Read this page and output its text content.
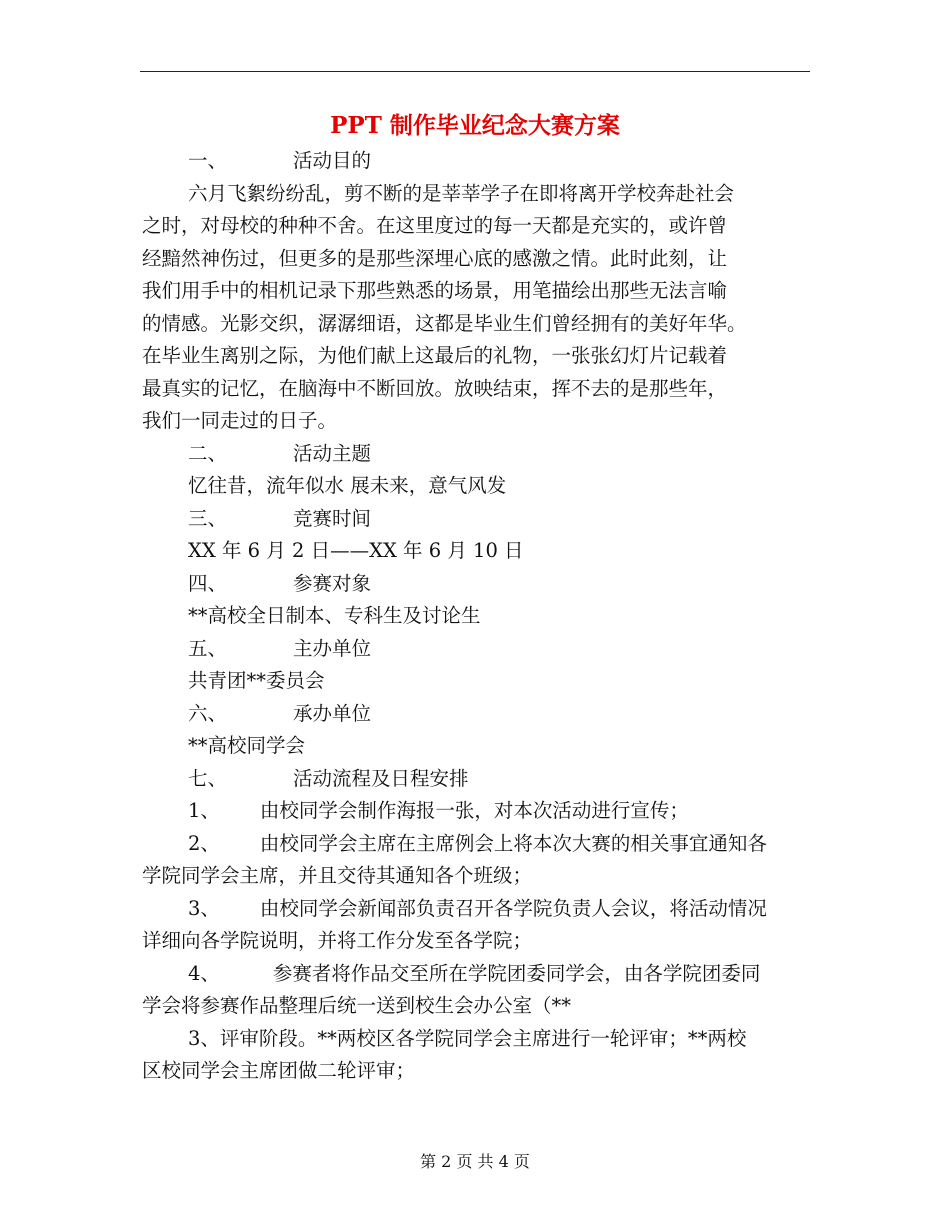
PPT 制作毕业纪念大赛方案
一、	活动目的
六月飞絮纷纷乱，剪不断的是莘莘学子在即将离开学校奔赴社会
之时，对母校的种种不舍。在这里度过的每一天都是充实的，或许曾
经黯然神伤过，但更多的是那些深埋心底的感激之情。此时此刻，让
我们用手中的相机记录下那些熟悉的场景，用笔描绘出那些无法言喻
的情感。光影交织，潺潺细语，这都是毕业生们曾经拥有的美好年华。
在毕业生离别之际，为他们献上这最后的礼物，一张张幻灯片记载着
最真实的记忆，在脑海中不断回放。放映结束，挥不去的是那些年，
我们一同走过的日子。
二、	活动主题
忆往昔，流年似水 展未来，意气风发
三、	竞赛时间
XX 年 6 月 2 日——XX 年 6 月 10 日
四、	参赛对象
**高校全日制本、专科生及讨论生
五、	主办单位
共青团**委员会
六、	承办单位
**高校同学会
七、	活动流程及日程安排
1、 由校同学会制作海报一张，对本次活动进行宣传；
2、 由校同学会主席在主席例会上将本次大赛的相关事宜通知各
学院同学会主席，并且交待其通知各个班级；
3、 由校同学会新闻部负责召开各学院负责人会议，将活动情况
详细向各学院说明，并将工作分发至各学院；
4、	参赛者将作品交至所在学院团委同学会，由各学院团委同
学会将参赛作品整理后统一送到校生会办公室（**
3、评审阶段。**两校区各学院同学会主席进行一轮评审；**两校
区校同学会主席团做二轮评审；
第 2 页 共 4 页
